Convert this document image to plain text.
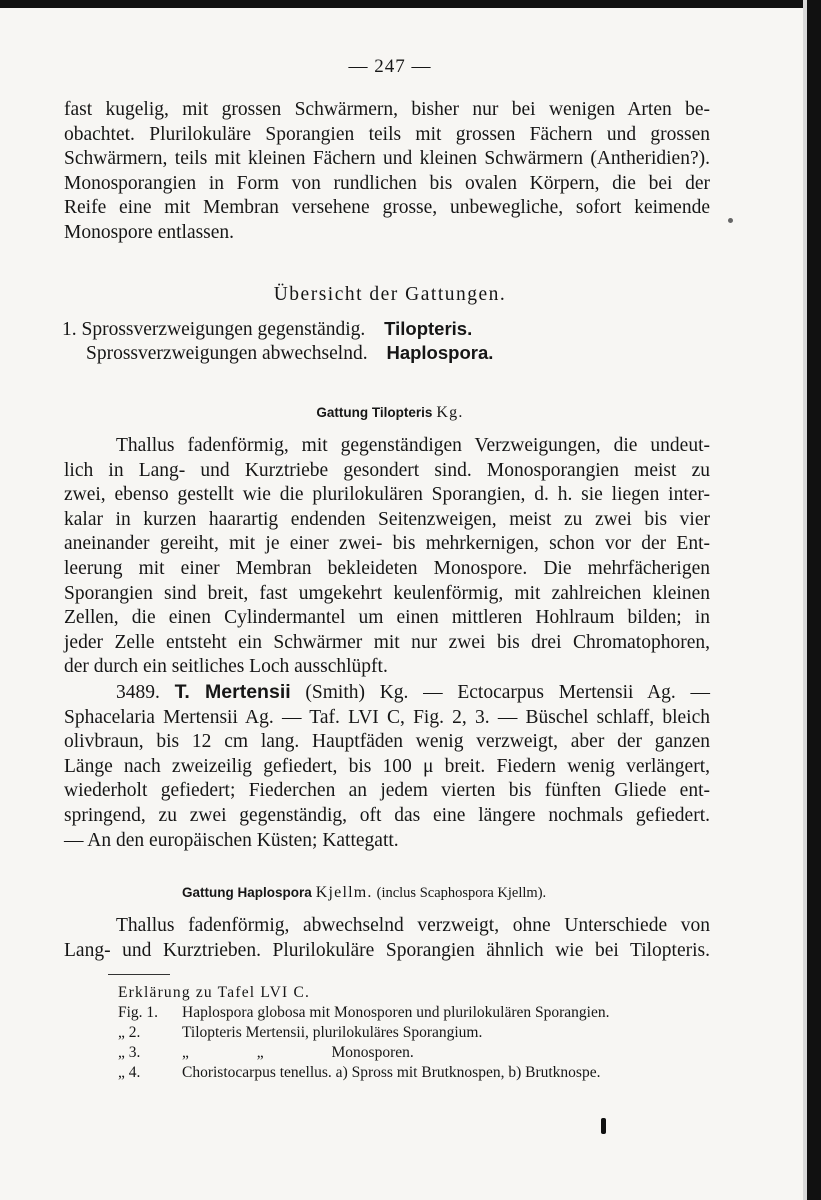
— 247 —
fast kugelig, mit grossen Schwärmern, bisher nur bei wenigen Arten be-
obachtet. Plurilokuläre Sporangien teils mit grossen Fächern und grossen
Schwärmern, teils mit kleinen Fächern und kleinen Schwärmern (Antheridien?).
Monosporangien in Form von rundlichen bis ovalen Körpern, die bei der
Reife eine mit Membran versehene grosse, unbewegliche, sofort keimende
Monospore entlassen.
Übersicht der Gattungen.
1. Sprossverzweigungen gegenständig. Tilopteris.
Sprossverzweigungen abwechselnd. Haplospora.
Gattung Tilopteris Kg.
Thallus fadenförmig, mit gegenständigen Verzweigungen, die undeut-
lich in Lang- und Kurztriebe gesondert sind. Monosporangien meist zu
zwei, ebenso gestellt wie die plurilokulären Sporangien, d. h. sie liegen inter-
kalar in kurzen haarartig endenden Seitenzweigen, meist zu zwei bis vier
aneinander gereiht, mit je einer zwei- bis mehrkernigen, schon vor der Ent-
leerung mit einer Membran bekleideten Monospore. Die mehrfächerigen
Sporangien sind breit, fast umgekehrt keulenförmig, mit zahlreichen kleinen
Zellen, die einen Cylindermantel um einen mittleren Hohlraum bilden; in
jeder Zelle entsteht ein Schwärmer mit nur zwei bis drei Chromatophoren,
der durch ein seitliches Loch ausschlüpft.
3489. T. Mertensii (Smith) Kg. — Ectocarpus Mertensii Ag. —
Sphacelaria Mertensii Ag. — Taf. LVI C, Fig. 2, 3. — Büschel schlaff, bleich
olivbraun, bis 12 cm lang. Hauptfäden wenig verzweigt, aber der ganzen
Länge nach zweizeilig gefiedert, bis 100 μ breit. Fiedern wenig verlängert,
wiederholt gefiedert; Fiederchen an jedem vierten bis fünften Gliede ent-
springend, zu zwei gegenständig, oft das eine längere nochmals gefiedert.
— An den europäischen Küsten; Kattegatt.
Gattung Haplospora Kjellm. (inclus Scaphospora Kjellm).
Thallus fadenförmig, abwechselnd verzweigt, ohne Unterschiede von
Lang- und Kurztrieben. Plurilokuläre Sporangien ähnlich wie bei Tilopteris.
Erklärung zu Tafel LVI C.
Fig. 1. Haplospora globosa mit Monosporen und plurilokulären Sporangien.
„ 2.	Tilopteris Mertensii, plurilokuläres Sporangium.
„ 3.	„ „ Monosporen.
„ 4.	Choristocarpus tenellus. a) Spross mit Brutknospen, b) Brutknospe.
